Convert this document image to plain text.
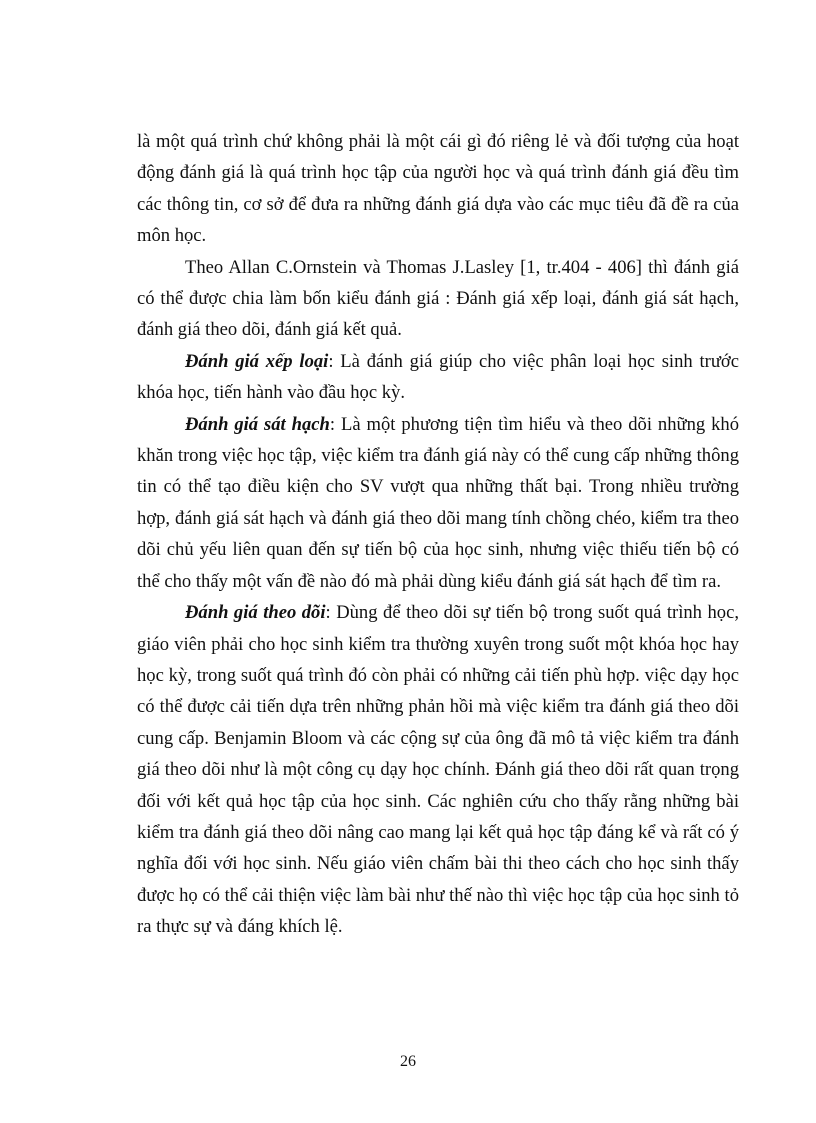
là một quá trình chứ không phải là một cái gì đó riêng lẻ và đối tượng của hoạt động đánh giá là quá trình học tập của người học và quá trình đánh giá đều tìm các thông tin, cơ sở để đưa ra những đánh giá dựa vào các mục tiêu đã đề ra của môn học.

Theo Allan C.Ornstein và Thomas J.Lasley [1, tr.404 - 406] thì đánh giá có thể được chia làm bốn kiểu đánh giá : Đánh giá xếp loại, đánh giá sát hạch, đánh giá theo dõi, đánh giá kết quả.

Đánh giá xếp loại: Là đánh giá giúp cho việc phân loại học sinh trước khóa học, tiến hành vào đầu học kỳ.

Đánh giá sát hạch: Là một phương tiện tìm hiểu và theo dõi những khó khăn trong việc học tập, việc kiểm tra đánh giá này có thể cung cấp những thông tin có thể tạo điều kiện cho SV vượt qua những thất bại. Trong nhiều trường hợp, đánh giá sát hạch và đánh giá theo dõi mang tính chồng chéo, kiểm tra theo dõi chủ yếu liên quan đến sự tiến bộ của học sinh, nhưng việc thiếu tiến bộ có thể cho thấy một vấn đề nào đó mà phải dùng kiểu đánh giá sát hạch để tìm ra.

Đánh giá theo dõi: Dùng để theo dõi sự tiến bộ trong suốt quá trình học, giáo viên phải cho học sinh kiểm tra thường xuyên trong suốt một khóa học hay học kỳ, trong suốt quá trình đó còn phải có những cải tiến phù hợp. việc dạy học có thể được cải tiến dựa trên những phản hồi mà việc kiểm tra đánh giá theo dõi cung cấp. Benjamin Bloom và các cộng sự của ông đã mô tả việc kiểm tra đánh giá theo dõi như là một công cụ dạy học chính. Đánh giá theo dõi rất quan trọng đối với kết quả học tập của học sinh. Các nghiên cứu cho thấy rằng những bài kiểm tra đánh giá theo dõi nâng cao mang lại kết quả học tập đáng kể và rất có ý nghĩa đối với học sinh. Nếu giáo viên chấm bài thi theo cách cho học sinh thấy được họ có thể cải thiện việc làm bài như thế nào thì việc học tập của học sinh tỏ ra thực sự và đáng khích lệ.

26
